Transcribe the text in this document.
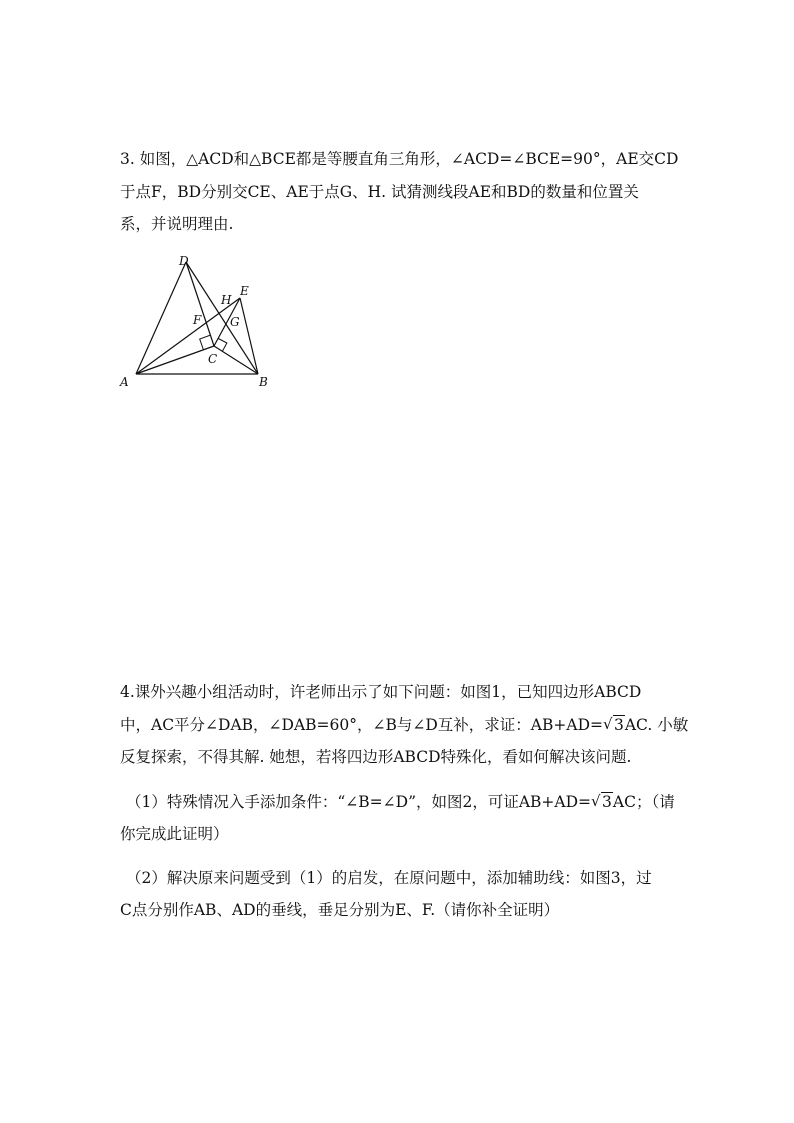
3. 如图，△ACD和△BCE都是等腰直角三角形，∠ACD=∠BCE=90°，AE交CD
于点F，BD分别交CE、AE于点G、H. 试猜测线段AE和BD的数量和位置关
系，并说明理由.
A	B
C
D
E
F G
H
4.课外兴趣小组活动时，许老师出示了如下问题：如图1，已知四边形ABCD
中，AC平分∠DAB，∠DAB=60°，∠B与∠D互补，求证：AB+AD= √ 3AC. 小敏
反复探索，不得其解. 她想，若将四边形ABCD特殊化，看如何解决该问题.
（1）特殊情况入手添加条件：“∠B=∠D”，如图2，可证AB+AD= √ 3AC；（请
你完成此证明）
（2）解决原来问题受到（1）的启发，在原问题中，添加辅助线：如图3，过
C点分别作AB、AD的垂线，垂足分别为E、F.（请你补全证明）
